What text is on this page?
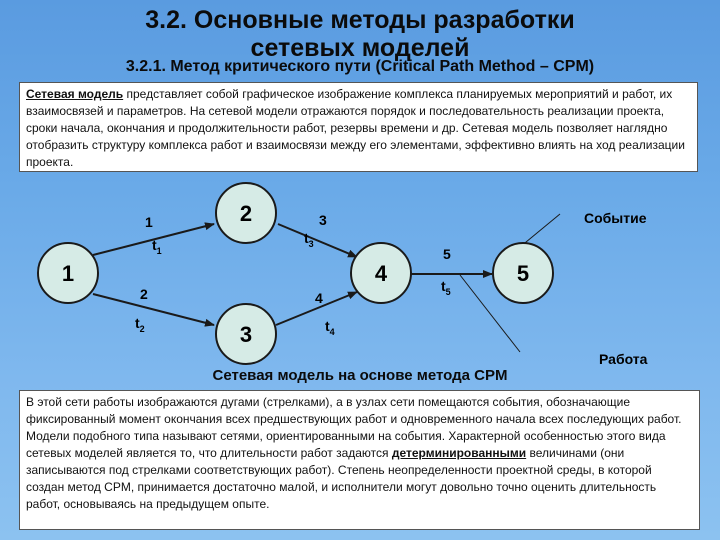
3.2. Основные методы разработки
сетевых моделей
3.2.1. Метод критического пути (Critical Path Method – CPM)
Сетевая модель представляет собой графическое изображение комплекса планируемых мероприятий и работ, их взаимосвязей и параметров. На сетевой модели отражаются порядок и последовательность реализации проекта, сроки начала, окончания и продолжительности работ, резервы времени и др. Сетевая модель позволяет наглядно отобразить структуру комплекса работ и взаимосвязи между его элементами, эффективно влиять на ход реализации проекта.
1
2
3
4	5
1
$t_1$
2
$t_2$
3
$t_3$
4
$t_4$
5
$t_5$
Событие
Работа
Сетевая модель на основе метода CPM
В этой сети работы изображаются дугами (стрелками), а в узлах сети помещаются события, обозначающие фиксированный момент окончания всех предшествующих работ и одновременного начала всех последующих работ. Модели подобного типа называют сетями, ориентированными на события. Характерной особенностью этого вида сетевых моделей является то, что длительности работ задаются детерминированными величинами (они записываются под стрелками соответствующих работ). Степень неопределенности проектной среды, в которой создан метод CPM, принимается достаточно малой, и исполнители могут довольно точно оценить длительность работ, основываясь на предыдущем опыте.
